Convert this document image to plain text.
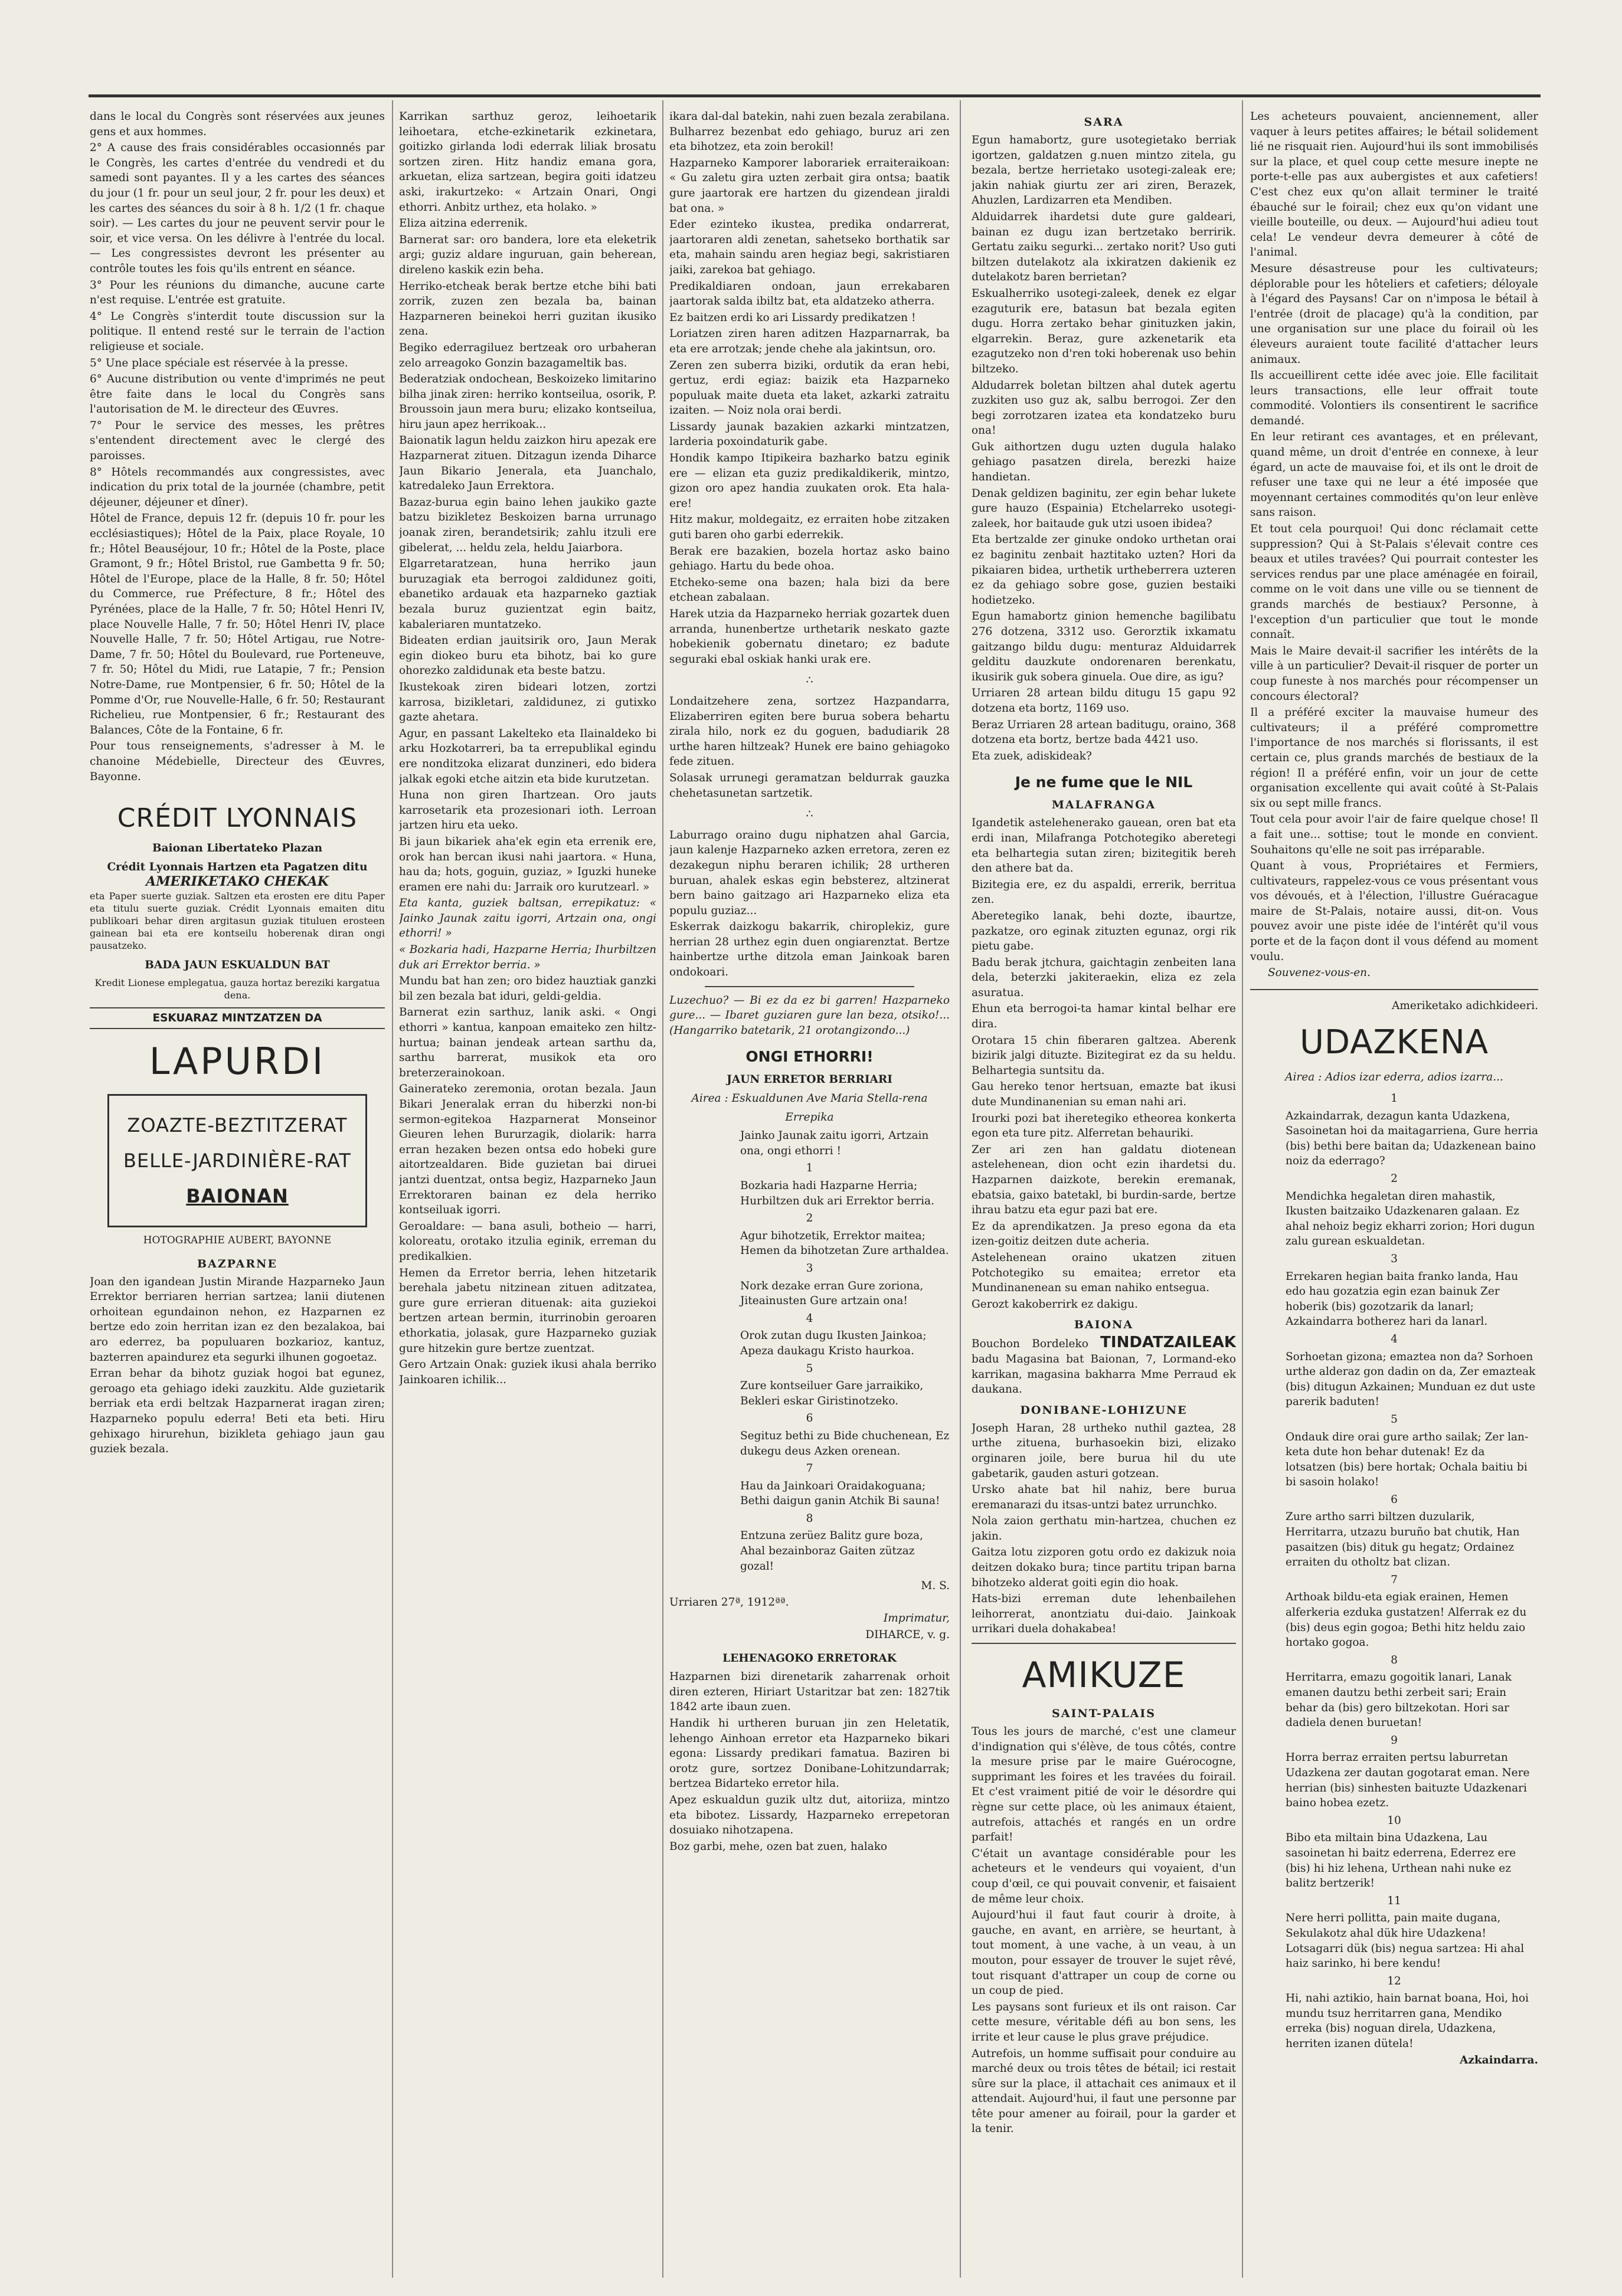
dans le local du Congrès sont réservées aux jeunes gens et aux hommes.

2° A cause des frais considérables occasionnés par le Congrès, les cartes d'entrée du vendredi et du samedi sont payantes. Il y a les cartes des séances du jour (1 fr. pour un seul jour, 2 fr. pour les deux) et les cartes des séances du soir à 8 h. 1/2 (1 fr. chaque soir). — Les cartes du jour ne peuvent servir pour le soir, et vice versa. On les délivre à l'entrée du local. — Les congressistes devront les présenter au contrôle toutes les fois qu'ils entrent en séance.

3° Pour les réunions du dimanche, aucune carte n'est requise. L'entrée est gratuite.

4° Le Congrès s'interdit toute discussion sur la politique. Il entend resté sur le terrain de l'action religieuse et sociale.

5° Une place spéciale est réservée à la presse.

6° Aucune distribution ou vente d'imprimés ne peut être faite dans le local du Congrès sans l'autorisation de M. le directeur des Œuvres.

7° Pour le service des messes, les prêtres s'entendent directement avec le clergé des paroisses.

8° Hôtels recommandés aux congressistes, avec indication du prix total de la journée (chambre, petit déjeuner, déjeuner et dîner).

Hôtel de France, depuis 12 fr. (depuis 10 fr. pour les ecclésiastiques); Hôtel de la Paix, place Royale, 10 fr.; Hôtel Beauséjour, 10 fr.; Hôtel de la Poste, place Gramont, 9 fr.; Hôtel Bristol, rue Gambetta 9 fr. 50; Hôtel de l'Europe, place de la Halle, 8 fr. 50; Hôtel du Commerce, rue Préfecture, 8 fr.; Hôtel des Pyrénées, place de la Halle, 7 fr. 50; Hôtel Henri IV, place Nouvelle Halle, 7 fr. 50; Hôtel Henri IV, place Nouvelle Halle, 7 fr. 50; Hôtel Artigau, rue Notre-Dame, 7 fr. 50; Hôtel du Boulevard, rue Porteneuve, 7 fr. 50; Hôtel du Midi, rue Latapie, 7 fr.; Pension Notre-Dame, rue Montpensier, 6 fr. 50; Hôtel de la Pomme d'Or, rue Nouvelle-Halle, 6 fr. 50; Restaurant Richelieu, rue Montpensier, 6 fr.; Restaurant des Balances, Côte de la Fontaine, 6 fr.

Pour tous renseignements, s'adresser à M. le chanoine Médebielle, Directeur des Œuvres, Bayonne.

CRÉDIT LYONNAIS
Baionan Libertateko Plazan
Crédit Lyonnais Hartzen eta Pagatzen ditu
AMERIKETAKO CHEKAK

eta Paper suerte guziak. Saltzen eta erosten ere ditu Paper eta titulu suerte guziak. Crédit Lyonnais emaiten ditu publikoari behar diren argitasun guziak tituluen erosteen gainean bai eta ere kontseilu hoberenak diran ongi pausatzeko.

BADA JAUN ESKUALDUN BAT

Kredit Lionese emplegatua, gauza hortaz bereziki kargatua dena.

ESKUARAZ MINTZATZEN DA
LAPURDI
ZOAZTE-BEZTITZERAT
BELLE-JARDINIÈRE-RAT
BAIONAN
HOTOGRAPHIE AUBERT, BAYONNE
BAZPARNE

Joan den igandean Justin Mirande Hazparneko Jaun Errektor berriaren herrian sartzea; lanii diutenen orhoitean egundainon nehon, ez Hazparnen ez bertze edo zoin herritan izan ez den bezalakoa, bai aro ederrez, ba populuaren bozkarioz, kantuz, bazterren apaindurez eta segurki ilhunen gogoetaz.

Erran behar da bihotz guziak hogoi bat egunez, geroago eta gehiago ideki zauzkitu. Alde guzietarik berriak eta erdi beltzak Hazparnerat iragan ziren; Hazparneko populu ederra! Beti eta beti. Hiru gehixago hirurehun, bizikleta gehiago jaun gau guziek bezala.

Karrikan sarthuz geroz, leihoetarik leihoetara, etche-ezkinetarik ezkinetara, goitizko girlanda lodi ederrak liliak brosatu sortzen ziren. Hitz handiz emana gora, arkuetan, eliza sartzean, begira goiti idatzeu aski, irakurtzeko: « Artzain Onari, Ongi ethorri. Anbitz urthez, eta holako. »

Eliza aitzina ederrenik.

Barnerat sar: oro bandera, lore eta eleketrik argi; guziz aldare inguruan, gain beherean, direleno kaskik ezin beha.

Herriko-etcheak berak bertze etche bihi bati zorrik, zuzen zen bezala ba, bainan Hazparneren beinekoi herri guzitan ikusiko zena.

Begiko ederragiluez bertzeak oro urbaheran zelo arreagoko Gonzin bazagameltik bas.

Bederatziak ondochean, Beskoizeko limitarino bilha jinak ziren: herriko kontseilua, osorik, P. Broussoin jaun mera buru; elizako kontseilua, hiru jaun apez herrikoak...

Baionatik lagun heldu zaizkon hiru apezak ere Hazparnerat zituen. Ditzagun izenda Diharce Jaun Bikario Jenerala, eta Juanchalo, katredaleko Jaun Errektora.

Bazaz-burua egin baino lehen jaukiko gazte batzu bizikletez Beskoizen barna urrunago joanak ziren, berandetsirik; zahlu itzuli ere gibelerat, ... heldu zela, heldu Jaiarbora.

Elgarretaratzean, huna herriko jaun buruzagiak eta berrogoi zaldidunez goiti, ebanetiko ardauak eta hazparneko gaztiak bezala buruz guzientzat egin baitz, kabaleriaren muntatzeko.

Bideaten erdian jauitsirik oro, Jaun Merak egin diokeo buru eta bihotz, bai ko gure ohorezko zaldidunak eta beste batzu.

Ikustekoak ziren bideari lotzen, zortzi karrosa, bizikletari, zaldidunez, zi gutixko gazte ahetara.

Agur, en passant Lakelteko eta Ilainaldeko bi arku Hozkotarreri, ba ta errepublikal egindu ere nonditzoka elizarat dunzineri, edo bidera jalkak egoki etche aitzin eta bide kurutzetan.

Huna non giren Ihartzean. Oro jauts karrosetarik eta prozesionari ioth. Lerroan jartzen hiru eta ueko.

Bi jaun bikariek aha'ek egin eta errenik ere, orok han bercan ikusi nahi jaartora. « Huna, hau da; hots, goguin, guziaz, » Iguzki huneke eramen ere nahi du: Jarraik oro kurutzearl. »

Eta kanta, guziek baltsan, errepikatuz: « Jainko Jaunak zaitu igorri, Artzain ona, ongi ethorri! »

« Bozkaria hadi, Hazparne Herria; Ihurbiltzen duk ari Errektor berria. »

Mundu bat han zen; oro bidez hauztiak ganzki bil zen bezala bat iduri, geldi-geldia.

Barnerat ezin sarthuz, lanik aski. « Ongi ethorri » kantua, kanpoan emaiteko zen hiltz-hurtua; bainan jendeak artean sarthu da, sarthu barrerat, musikok eta oro breterzerainokoan.

Gainerateko zeremonia, orotan bezala. Jaun Bikari Jeneralak erran du hiberzki non-bi sermon-egitekoa Hazparnerat Monseinor Gieuren lehen Bururzagik, diolarik: harra erran hezaken bezen ontsa edo hobeki gure aitortzealdaren. Bide guzietan bai diruei jantzi duentzat, ontsa begiz, Hazparneko Jaun Errektoraren bainan ez dela herriko kontseiluak igorri.

Geroaldare: — bana asuli, botheio — harri, koloreatu, orotako itzulia eginik, erreman du predikalkien.

Hemen da Erretor berria, lehen hitzetarik berehala jabetu nitzinean zituen aditzatea, gure gure errieran dituenak: aita guziekoi bertzen artean bermin, iturrinobin geroaren ethorkatia, jolasak, gure Hazparneko guziak gure hitzekin gure bertze zuentzat.

Gero Artzain Onak: guziek ikusi ahala berriko Jainkoaren ichilik...

ikara dal-dal batekin, nahi zuen bezala zerabilana. Bulharrez bezenbat edo gehiago, buruz ari zen eta bihotzez, eta zoin berokil!

Hazparneko Kamporer laborariek erraiteraikoan: « Gu zaletu gira uzten zerbait gira ontsa; baatik gure jaartorak ere hartzen du gizendean jiraldi bat ona. »

Eder ezinteko ikustea, predika ondarrerat, jaartoraren aldi zenetan, sahetseko borthatik sar eta, mahain saindu aren hegiaz begi, sakristiaren jaiki, zarekoa bat gehiago.

Predikaldiaren ondoan, jaun errekabaren jaartorak salda ibiltz bat, eta aldatzeko atherra.

Ez baitzen erdi ko ari Lissardy predikatzen !

Loriatzen ziren haren aditzen Hazparnarrak, ba eta ere arrotzak; jende chehe ala jakintsun, oro.

Zeren zen suberra biziki, ordutik da eran hebi, gertuz, erdi egiaz: baizik eta Hazparneko populuak maite dueta eta laket, azkarki zatraitu izaiten. — Noiz nola orai berdi.

Lissardy jaunak bazakien azkarki mintzatzen, larderia poxoindaturik gabe.

Hondik kampo Itipikeira bazharko batzu eginik ere — elizan eta guziz predikaldikerik, mintzo, gizon oro apez handia zuukaten orok. Eta hala-ere!

Hitz makur, moldegaitz, ez erraiten hobe zitzaken guti baren oho garbi ederrekik.

Berak ere bazakien, bozela hortaz asko baino gehiago. Hartu du bede ohoa.

Etcheko-seme ona bazen; hala bizi da bere etchean zabalaan.

Harek utzia da Hazparneko herriak gozartek duen arranda, hunenbertze urthetarik neskato gazte hobekienik gobernatu dinetaro; ez badute seguraki ebal oskiak hanki urak ere.

∴

Londaitzehere zena, sortzez Hazpandarra, Elizaberriren egiten bere burua sobera behartu zirala hilo, nork ez du goguen, badudiarik 28 urthe haren hiltzeak? Hunek ere baino gehiagoko fede zituen.

Solasak urrunegi geramatzan beldurrak gauzka chehetasunetan sartzetik.

∴

Laburrago oraino dugu niphatzen ahal Garcia, jaun kalenje Hazparneko azken erretora, zeren ez dezakegun niphu beraren ichilik; 28 urtheren buruan, ahalek eskas egin bebsterez, altzinerat bern baino gaitzago ari Hazparneko eliza eta populu guziaz...

Eskerrak daizkogu bakarrik, chiroplekiz, gure herrian 28 urthez egin duen ongiarenztat. Bertze hainbertze urthe ditzola eman Jainkoak baren ondokoari.

Luzechuo? — Bi ez da ez bi garren! Hazparneko gure... — Ibaret guziaren gure lan beza, otsiko!... (Hangarriko batetarik, 21 orotangizondo...)

ONGI ETHORRI!
JAUN ERRETOR BERRIARI
Airea : Eskualdunen Ave Maria Stella-rena
Errepika

Jainko Jaunak zaitu igorri, Artzain ona, ongi ethorri !

1

Bozkaria hadi Hazparne Herria; Hurbiltzen duk ari Errektor berria.

2

Agur bihotzetik, Errektor maitea; Hemen da bihotzetan Zure arthaldea.

3

Nork dezake erran Gure zoriona, Jiteainusten Gure artzain ona!

4

Orok zutan dugu Ikusten Jainkoa; Apeza daukagu Kristo haurkoa.

5

Zure kontseiluer Gare jarraikiko, Bekleri eskar Giristinotzeko.

6

Segituz bethi zu Bide chuchenean, Ez dukegu deus Azken orenean.

7

Hau da Jainkoari Oraidakoguana; Bethi daigun ganin Atchik Bi sauna!

8

Entzuna zerüez Balitz gure boza, Ahal bezainboraz Gaiten zützaz gozal!

M. S.

Urriaren 27ª, 1912ªª.

Imprimatur,

DIHARCE, v. g.

LEHENAGOKO ERRETORAK

Hazparnen bizi direnetarik zaharrenak orhoit diren ezteren, Hiriart Ustaritzar bat zen: 1827tik 1842 arte ibaun zuen.

Handik hi urtheren buruan jin zen Heletatik, lehengo Ainhoan erretor eta Hazparneko bikari egona: Lissardy predikari famatua. Baziren bi orotz gure, sortzez Donibane-Lohitzundarrak; bertzea Bidarteko erretor hila.

Apez eskualdun guzik ultz dut, aitoriiza, mintzo eta bibotez. Lissardy, Hazparneko errepetoran dosuiako nihotzapena.

Boz garbi, mehe, ozen bat zuen, halako

SARA

Egun hamabortz, gure usotegietako berriak igortzen, galdatzen g.nuen mintzo zitela, gu bezala, bertze herrietako usotegi-zaleak ere; jakin nahiak giurtu zer ari ziren, Berazek, Ahuzlen, Lardizarren eta Mendiben.

Alduidarrek ihardetsi dute gure galdeari, bainan ez dugu izan bertzetako berririk. Gertatu zaiku segurki... zertako norit? Uso guti biltzen dutelakotz ala ixkiratzen dakienik ez dutelakotz baren berrietan?

Eskualherriko usotegi-zaleek, denek ez elgar ezaguturik ere, batasun bat bezala egiten dugu. Horra zertako behar ginituzken jakin, elgarrekin. Beraz, gure azkenetarik eta ezagutzeko non d'ren toki hoberenak uso behin biltzeko.

Aldudarrek boletan biltzen ahal dutek agertu zuzkiten uso guz ak, salbu berrogoi. Zer den begi zorrotzaren izatea eta kondatzeko buru ona!

Guk aithortzen dugu uzten dugula halako gehiago pasatzen direla, berezki haize handietan.

Denak geldizen baginitu, zer egin behar lukete gure hauzo (Espainia) Etchelarreko usotegi-zaleek, hor baitaude guk utzi usoen ibidea?

Eta bertzalde zer ginuke ondoko urthetan orai ez baginitu zenbait haztitako uzten? Hori da pikaiaren bidea, urthetik urtheberrera uzteren ez da gehiago sobre gose, guzien bestaiki hodietzeko.

Egun hamabortz ginion hemenche bagilibatu 276 dotzena, 3312 uso. Gerorztik ixkamatu gaitzango bildu dugu: menturaz Alduidarrek gelditu dauzkute ondorenaren berenkatu, ikusirik guk sobera ginuela. Oue dire, as igu?

Urriaren 28 artean bildu ditugu 15 gapu 92 dotzena eta bortz, 1169 uso.

Beraz Urriaren 28 artean baditugu, oraino, 368 dotzena eta bortz, bertze bada 4421 uso.

Eta zuek, adiskideak?

Je ne fume que le NIL
MALAFRANGA

Igandetik astelehenerako gauean, oren bat eta erdi inan, Milafranga Potchotegiko aberetegi eta belhartegia sutan ziren; bizitegitik bereh den athere bat da.

Bizitegia ere, ez du aspaldi, errerik, berritua zen.

Aberetegiko lanak, behi dozte, ibaurtze, pazkatze, oro eginak zituzten egunaz, orgi rik pietu gabe.

Badu berak jtchura, gaichtagin zenbeiten lana dela, beterzki jakiteraekin, eliza ez zela asuratua.

Ehun eta berrogoi-ta hamar kintal belhar ere dira.

Orotara 15 chin fiberaren galtzea. Aberenk bizirik jalgi dituzte. Bizitegirat ez da su heldu. Belhartegia suntsitu da.

Gau hereko tenor hertsuan, emazte bat ikusi dute Mundinanenian su eman nahi ari.

Irourki pozi bat iheretegiko etheorea konkerta egon eta ture pitz. Alferretan behauriki.

Zer ari zen han galdatu diotenean astelehenean, dion ocht ezin ihardetsi du. Hazparnen daizkote, berekin eremanak, ebatsia, gaixo batetakl, bi burdin-sarde, bertze ihrau batzu eta egur pazi bat ere.

Ez da aprendikatzen. Ja preso egona da eta izen-goitiz deitzen dute acheria.

Astelehenean oraino ukatzen zituen Potchotegiko su emaitea; erretor eta Mundinanenean su eman nahiko entsegua.

Gerozt kakoberrirk ez dakigu.

BAIONA

Bouchon Bordeleko TINDATZAILEAK badu Magasina bat Baionan, 7, Lormand-eko karrikan, magasina bakharra Mme Perraud ek daukana.

DONIBANE-LOHIZUNE

Joseph Haran, 28 urtheko nuthil gaztea, 28 urthe zituena, burhasoekin bizi, elizako orginaren joile, bere burua hil du ute gabetarik, gauden asturi gotzean.

Ursko ahate bat hil nahiz, bere burua eremanarazi du itsas-untzi batez urrunchko.

Nola zaion gerthatu min-hartzea, chuchen ez jakin.

Gaitza lotu zizporen gotu ordo ez dakizuk noia deitzen dokako bura; tince partitu tripan barna bihotzeko alderat goiti egin dio hoak.

Hats-bizi erreman dute lehenbailehen leihorrerat, anontziatu dui-daio. Jainkoak urrikari duela dohakabea!

AMIKUZE
SAINT-PALAIS

Tous les jours de marché, c'est une clameur d'indignation qui s'élève, de tous côtés, contre la mesure prise par le maire Guérocogne, supprimant les foires et les travées du foirail. Et c'est vraiment pitié de voir le désordre qui règne sur cette place, où les animaux étaient, autrefois, attachés et rangés en un ordre parfait!

C'était un avantage considérable pour les acheteurs et le vendeurs qui voyaient, d'un coup d'œil, ce qui pouvait convenir, et faisaient de même leur choix.

Aujourd'hui il faut faut courir à droite, à gauche, en avant, en arrière, se heurtant, à tout moment, à une vache, à un veau, à un mouton, pour essayer de trouver le sujet rêvé, tout risquant d'attraper un coup de corne ou un coup de pied.

Les paysans sont furieux et ils ont raison. Car cette mesure, véritable défi au bon sens, les irrite et leur cause le plus grave préjudice.

Autrefois, un homme suffisait pour conduire au marché deux ou trois têtes de bétail; ici restait sûre sur la place, il attachait ces animaux et il attendait. Aujourd'hui, il faut une personne par tête pour amener au foirail, pour la garder et la tenir.

Les acheteurs pouvaient, anciennement, aller vaquer à leurs petites affaires; le bétail solidement lié ne risquait rien. Aujourd'hui ils sont immobilisés sur la place, et quel coup cette mesure inepte ne porte-t-elle pas aux aubergistes et aux cafetiers! C'est chez eux qu'on allait terminer le traité ébauché sur le foirail; chez eux qu'on vidant une vieille bouteille, ou deux. — Aujourd'hui adieu tout cela! Le vendeur devra demeurer à côté de l'animal.

Mesure désastreuse pour les cultivateurs; déplorable pour les hôteliers et cafetiers; déloyale à l'égard des Paysans! Car on n'imposa le bétail à l'entrée (droit de placage) qu'à la condition, par une organisation sur une place du foirail où les éleveurs auraient toute facilité d'attacher leurs animaux.

Ils accueillirent cette idée avec joie. Elle facilitait leurs transactions, elle leur offrait toute commodité. Volontiers ils consentirent le sacrifice demandé.

En leur retirant ces avantages, et en prélevant, quand même, un droit d'entrée en connexe, à leur égard, un acte de mauvaise foi, et ils ont le droit de refuser une taxe qui ne leur a été imposée que moyennant certaines commodités qu'on leur enlève sans raison.

Et tout cela pourquoi! Qui donc réclamait cette suppression? Qui à St-Palais s'élevait contre ces beaux et utiles travées? Qui pourrait contester les services rendus par une place aménagée en foirail, comme on le voit dans une ville ou se tiennent de grands marchés de bestiaux? Personne, à l'exception d'un particulier que tout le monde connaît.

Mais le Maire devait-il sacrifier les intérêts de la ville à un particulier? Devait-il risquer de porter un coup funeste à nos marchés pour récompenser un concours électoral?

Il a préféré exciter la mauvaise humeur des cultivateurs; il a préféré compromettre l'importance de nos marchés si florissants, il est certain ce, plus grands marchés de bestiaux de la région! Il a préféré enfin, voir un jour de cette organisation excellente qui avait coûté à St-Palais six ou sept mille francs.

Tout cela pour avoir l'air de faire quelque chose! Il a fait une... sottise; tout le monde en convient. Souhaitons qu'elle ne soit pas irréparable.

Quant à vous, Propriétaires et Fermiers, cultivateurs, rappelez-vous ce vous présentant vous vos dévoués, et à l'élection, l'illustre Guéracague maire de St-Palais, notaire aussi, dit-on. Vous pouvez avoir une piste idée de l'intérêt qu'il vous porte et de la façon dont il vous défend au moment voulu.

Souvenez-vous-en.

Ameriketako adichkideeri.

UDAZKENA
Airea : Adios izar ederra, adios izarra...
1

Azkaindarrak, dezagun kanta Udazkena, Sasoinetan hoi da maitagarriena, Gure herria (bis) bethi bere baitan da; Udazkenean baino noiz da ederrago?

2

Mendichka hegaletan diren mahastik, Ikusten baitzaiko Udazkenaren galaan. Ez ahal nehoiz begiz ekharri zorion; Hori dugun zalu gurean eskualdetan.

3

Errekaren hegian baita franko landa, Hau edo hau gozatzia egin ezan bainuk Zer hoberik (bis) gozotzarik da lanarl; Azkaindarra botherez hari da lanarl.

4

Sorhoetan gizona; emaztea non da? Sorhoen urthe alderaz gon dadin on da, Zer emazteak (bis) ditugun Azkainen; Munduan ez dut uste parerik baduten!

5

Ondauk dire orai gure artho sailak; Zer lan-keta dute hon behar dutenak! Ez da lotsatzen (bis) bere hortak; Ochala baitiu bi bi sasoin holako!

6

Zure artho sarri biltzen duzularik, Herritarra, utzazu buruño bat chutik, Han pasaitzen (bis) dituk gu hegatz; Ordainez erraiten du otholtz bat clizan.

7

Arthoak bildu-eta egiak erainen, Hemen alferkeria ezduka gustatzen! Alferrak ez du (bis) deus egin gogoa; Bethi hitz heldu zaio hortako gogoa.

8

Herritarra, emazu gogoitik lanari, Lanak emanen dautzu bethi zerbeit sari; Erain behar da (bis) gero biltzekotan. Hori sar dadiela denen buruetan!

9

Horra berraz erraiten pertsu laburretan Udazkena zer dautan gogotarat eman. Nere herrian (bis) sinhesten baituzte Udazkenari baino hobea ezetz.

10

Bibo eta miltain bina Udazkena, Lau sasoinetan hi baitz ederrena, Ederrez ere (bis) hi hiz lehena, Urthean nahi nuke ez balitz bertzerik!

11

Nere herri pollitta, pain maite dugana, Sekulakotz ahal dük hire Udazkena! Lotsagarri dük (bis) negua sartzea: Hi ahal haiz sarinko, hi bere kendu!

12

Hi, nahi aztikio, hain barnat boana, Hoi, hoi mundu tsuz herritarren gana, Mendiko erreka (bis) noguan direla, Udazkena, herriten izanen dütela!

Azkaindarra.
